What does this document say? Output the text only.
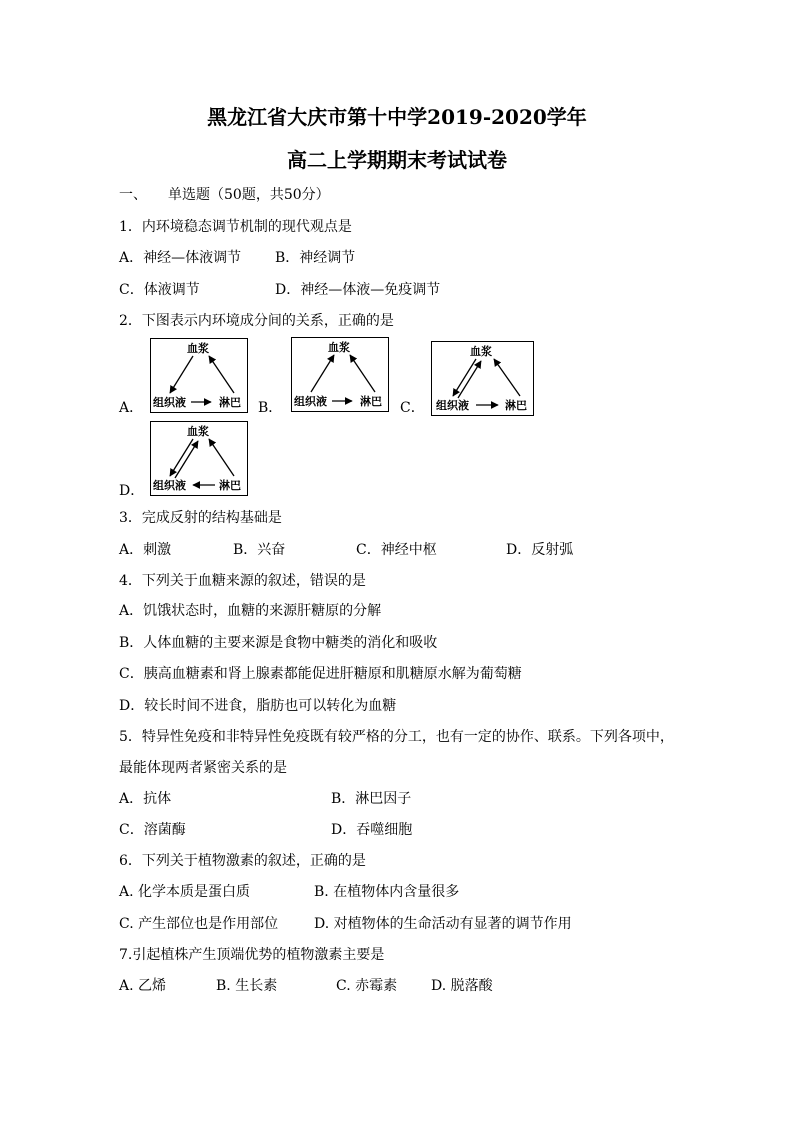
黑龙江省大庆市第十中学2019-2020学年
高二上学期期末考试试卷
一、　　单选题（50题，共50分）
1．内环境稳态调节机制的现代观点是
A．神经—体液调节 B．神经调节
C．体液调节	D．神经—体液—免疫调节
2．下图表示内环境成分间的关系，正确的是
A．
血浆
组织液	淋巴 B．
血浆
组织液	淋巴 C．
血浆
组织液	淋巴
D．
血浆
组织液	淋巴
3．完成反射的结构基础是
A．刺激	B．兴奋	C．神经中枢	D．反射弧
4．下列关于血糖来源的叙述，错误的是
A．饥饿状态时，血糖的来源肝糖原的分解
B．人体血糖的主要来源是食物中糖类的消化和吸收
C．胰高血糖素和肾上腺素都能促进肝糖原和肌糖原水解为葡萄糖
D．较长时间不进食，脂肪也可以转化为血糖
5．特异性免疫和非特异性免疫既有较严格的分工，也有一定的协作、联系。下列各项中，
最能体现两者紧密关系的是
A．抗体	B．淋巴因子
C．溶菌酶	D．吞噬细胞
6．下列关于植物激素的叙述，正确的是
A. 化学本质是蛋白质	B. 在植物体内含量很多
C. 产生部位也是作用部位	D. 对植物体的生命活动有显著的调节作用
7.引起植株产生顶端优势的植物激素主要是
A. 乙烯	B. 生长素	C. 赤霉素 D. 脱落酸
